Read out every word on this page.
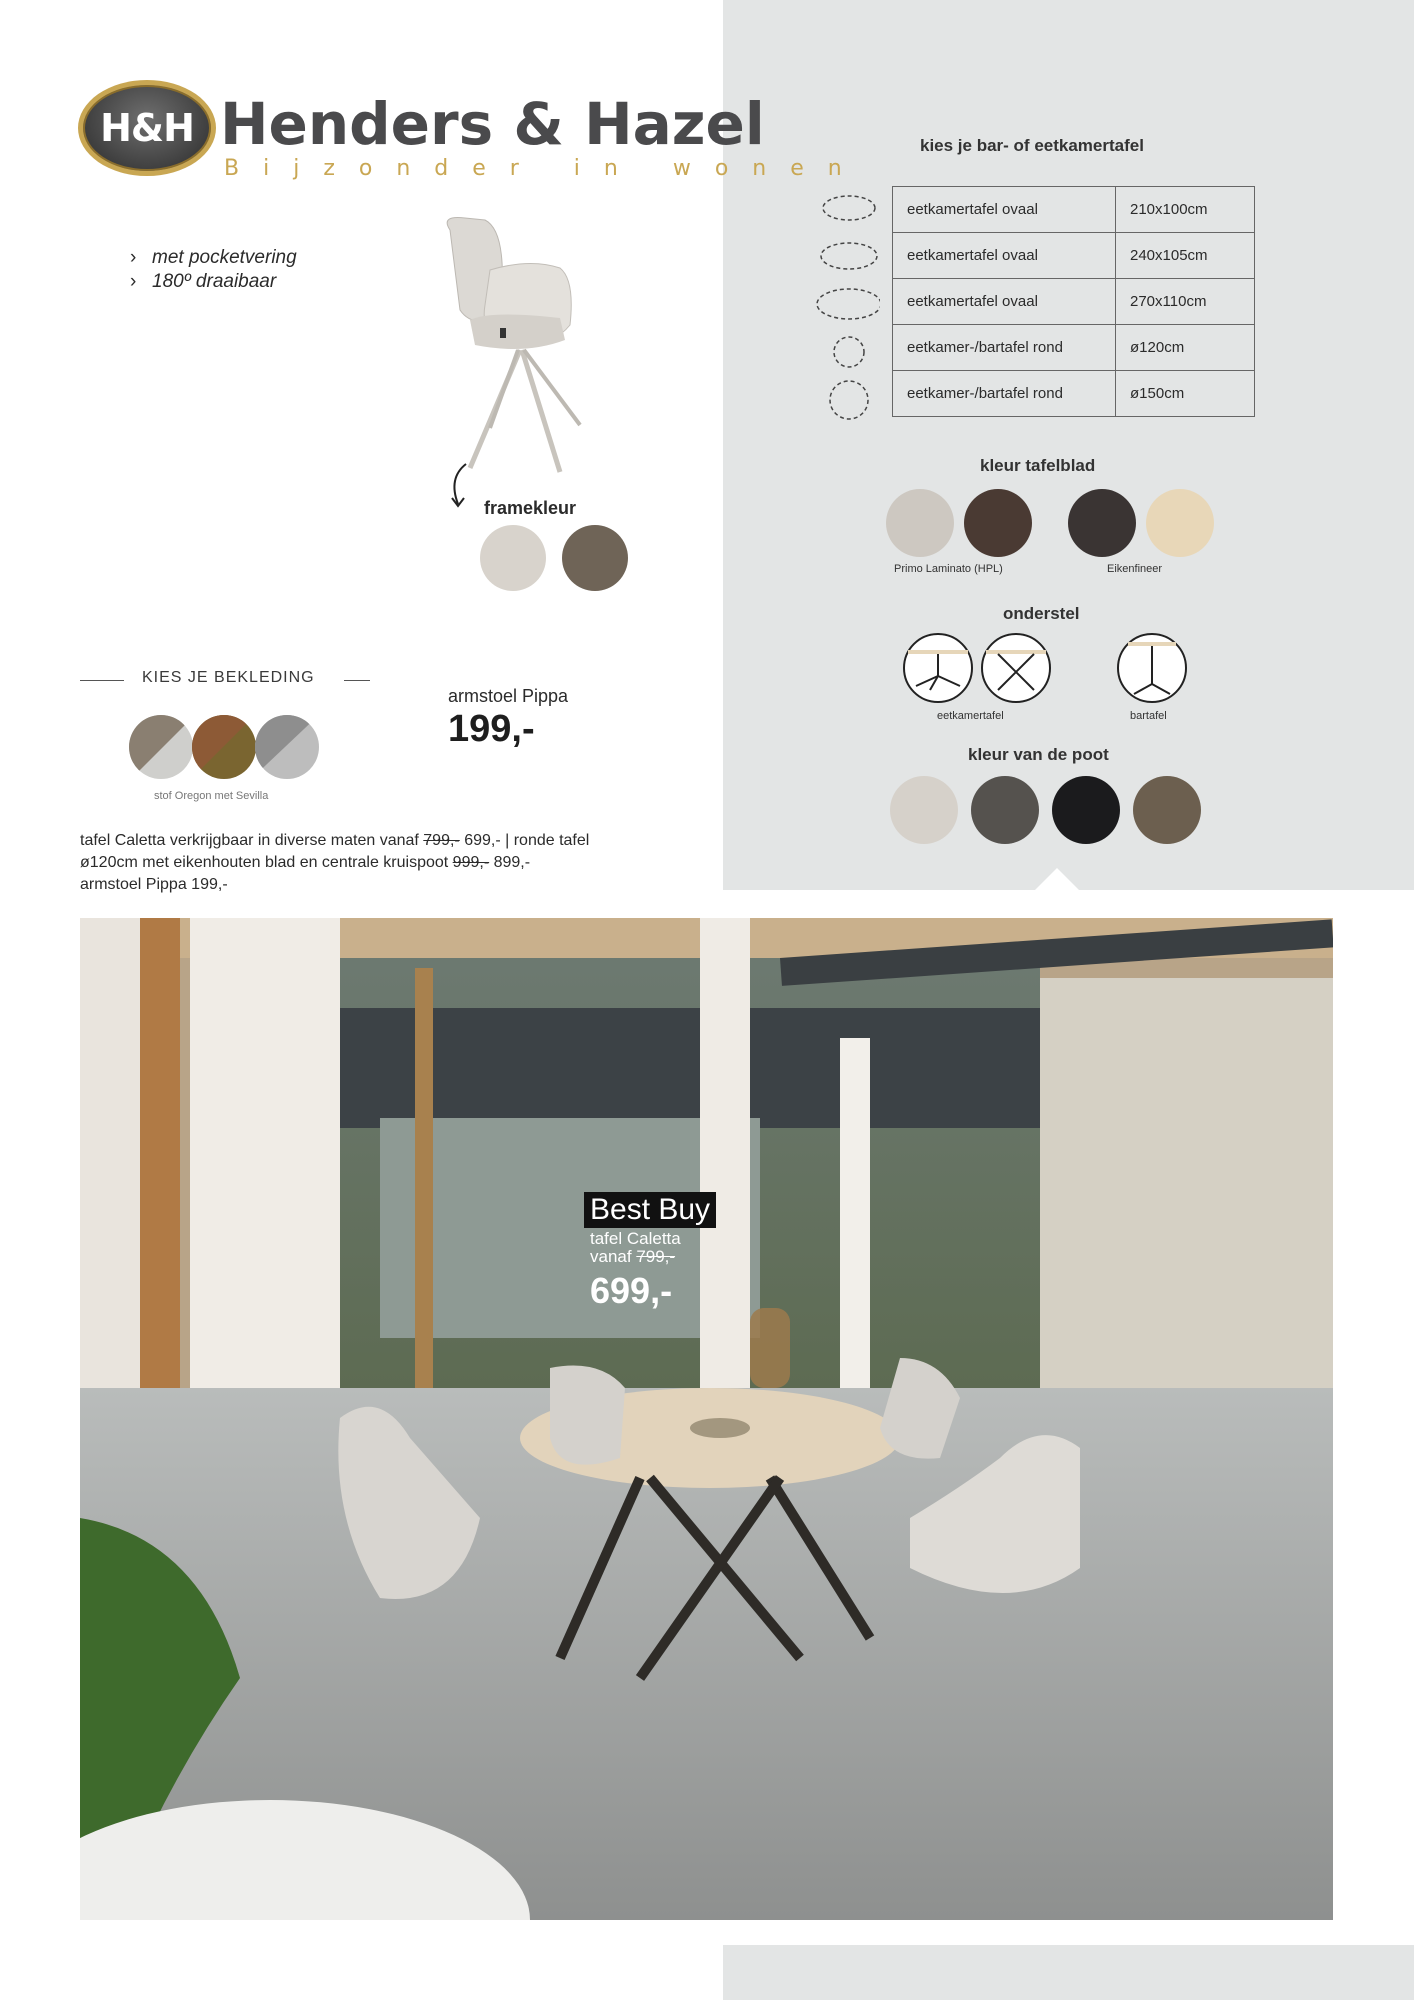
H&H Henders & Hazel
Bijzonder in wonen
› met pocketvering
› 180º draaibaar
framekleur
KIES JE BEKLEDING
stof Oregon met Sevilla
armstoel Pippa
199,-
tafel Caletta verkrijgbaar in diverse maten vanaf 799,- 699,- | ronde tafel
ø120cm met eikenhouten blad en centrale kruispoot 999,- 899,-
armstoel Pippa 199,-
kies je bar- of eetkamertafel
eetkamertafel ovaal	210x100cm
eetkamertafel ovaal	240x105cm
eetkamertafel ovaal	270x110cm
eetkamer-/bartafel rond	ø120cm
eetkamer-/bartafel rond	ø150cm
kleur tafelblad
Primo Laminato (HPL)	Eikenfineer
onderstel
eetkamertafel	bartafel
kleur van de poot
Best Buy
tafel Caletta
vanaf 799,-
699,-
